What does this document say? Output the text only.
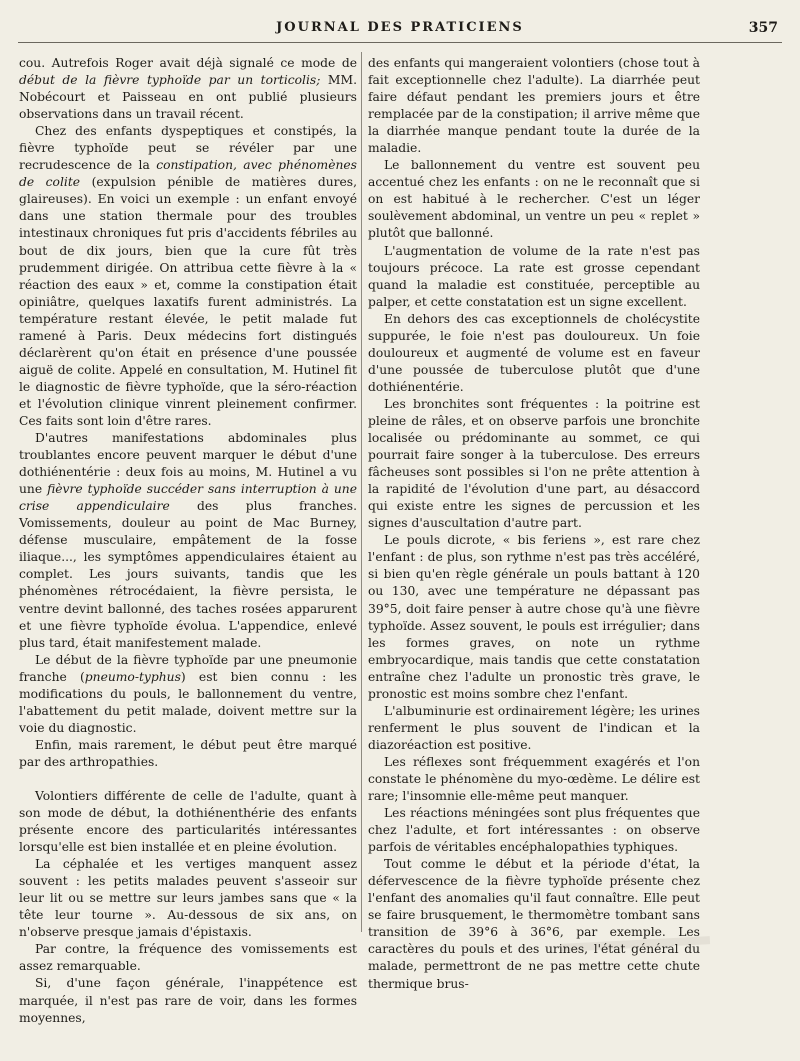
JOURNAL DES PRATICIENS	357

cou. Autrefois Roger avait déjà signalé ce mode de début de la fièvre typhoïde par un torticolis; MM. Nobécourt et Paisseau en ont publié plusieurs observations dans un travail récent.

Chez des enfants dyspeptiques et constipés, la fièvre typhoïde peut se révéler par une recrudescence de la constipation, avec phénomènes de colite (expulsion pénible de matières dures, glaireuses). En voici un exemple : un enfant envoyé dans une station thermale pour des troubles intestinaux chroniques fut pris d'accidents fébriles au bout de dix jours, bien que la cure fût très prudemment dirigée. On attribua cette fièvre à la « réaction des eaux » et, comme la constipation était opiniâtre, quelques laxatifs furent administrés. La température restant élevée, le petit malade fut ramené à Paris. Deux médecins fort distingués déclarèrent qu'on était en présence d'une poussée aiguë de colite. Appelé en consultation, M. Hutinel fit le diagnostic de fièvre typhoïde, que la séro-réaction et l'évolution clinique vinrent pleinement confirmer. Ces faits sont loin d'être rares.

D'autres manifestations abdominales plus troublantes encore peuvent marquer le début d'une dothiénentérie : deux fois au moins, M. Hutinel a vu une fièvre typhoïde succéder sans interruption à une crise appendiculaire des plus franches. Vomissements, douleur au point de Mac Burney, défense musculaire, empâtement de la fosse iliaque..., les symptômes appendiculaires étaient au complet. Les jours suivants, tandis que les phénomènes rétrocédaient, la fièvre persista, le ventre devint ballonné, des taches rosées apparurent et une fièvre typhoïde évolua. L'appendice, enlevé plus tard, était manifestement malade.

Le début de la fièvre typhoïde par une pneumonie franche (pneumo-typhus) est bien connu : les modifications du pouls, le ballonnement du ventre, l'abattement du petit malade, doivent mettre sur la voie du diagnostic.

Enfin, mais rarement, le début peut être marqué par des arthropathies.

Volontiers différente de celle de l'adulte, quant à son mode de début, la dothiénenthérie des enfants présente encore des particularités intéressantes lorsqu'elle est bien installée et en pleine évolution.

La céphalée et les vertiges manquent assez souvent : les petits malades peuvent s'asseoir sur leur lit ou se mettre sur leurs jambes sans que « la tête leur tourne ». Au-dessous de six ans, on n'observe presque jamais d'épistaxis.

Par contre, la fréquence des vomissements est assez remarquable.

Si, d'une façon générale, l'inappétence est marquée, il n'est pas rare de voir, dans les formes moyennes,

des enfants qui mangeraient volontiers (chose tout à fait exceptionnelle chez l'adulte). La diarrhée peut faire défaut pendant les premiers jours et être remplacée par de la constipation; il arrive même que la diarrhée manque pendant toute la durée de la maladie.

Le ballonnement du ventre est souvent peu accentué chez les enfants : on ne le reconnaît que si on est habitué à le rechercher. C'est un léger soulèvement abdominal, un ventre un peu « replet » plutôt que ballonné.

L'augmentation de volume de la rate n'est pas toujours précoce. La rate est grosse cependant quand la maladie est constituée, perceptible au palper, et cette constatation est un signe excellent.

En dehors des cas exceptionnels de cholécystite suppurée, le foie n'est pas douloureux. Un foie douloureux et augmenté de volume est en faveur d'une poussée de tuberculose plutôt que d'une dothiénentérie.

Les bronchites sont fréquentes : la poitrine est pleine de râles, et on observe parfois une bronchite localisée ou prédominante au sommet, ce qui pourrait faire songer à la tuberculose. Des erreurs fâcheuses sont possibles si l'on ne prête attention à la rapidité de l'évolution d'une part, au désaccord qui existe entre les signes de percussion et les signes d'auscultation d'autre part.

Le pouls dicrote, « bis feriens », est rare chez l'enfant : de plus, son rythme n'est pas très accéléré, si bien qu'en règle générale un pouls battant à 120 ou 130, avec une température ne dépassant pas 39°5, doit faire penser à autre chose qu'à une fièvre typhoïde. Assez souvent, le pouls est irrégulier; dans les formes graves, on note un rythme embryocardique, mais tandis que cette constatation entraîne chez l'adulte un pronostic très grave, le pronostic est moins sombre chez l'enfant.

L'albuminurie est ordinairement légère; les urines renferment le plus souvent de l'indican et la diazoréaction est positive.

Les réflexes sont fréquemment exagérés et l'on constate le phénomène du myo-œdème. Le délire est rare; l'insomnie elle-même peut manquer.

Les réactions méningées sont plus fréquentes que chez l'adulte, et fort intéressantes : on observe parfois de véritables encéphalopathies typhiques.

Tout comme le début et la période d'état, la défervescence de la fièvre typhoïde présente chez l'enfant des anomalies qu'il faut connaître. Elle peut se faire brusquement, le thermomètre tombant sans transition de 39°6 à 36°6, par exemple. Les caractères du pouls et des urines, l'état général du malade, permettront de ne pas mettre cette chute thermique brus-
